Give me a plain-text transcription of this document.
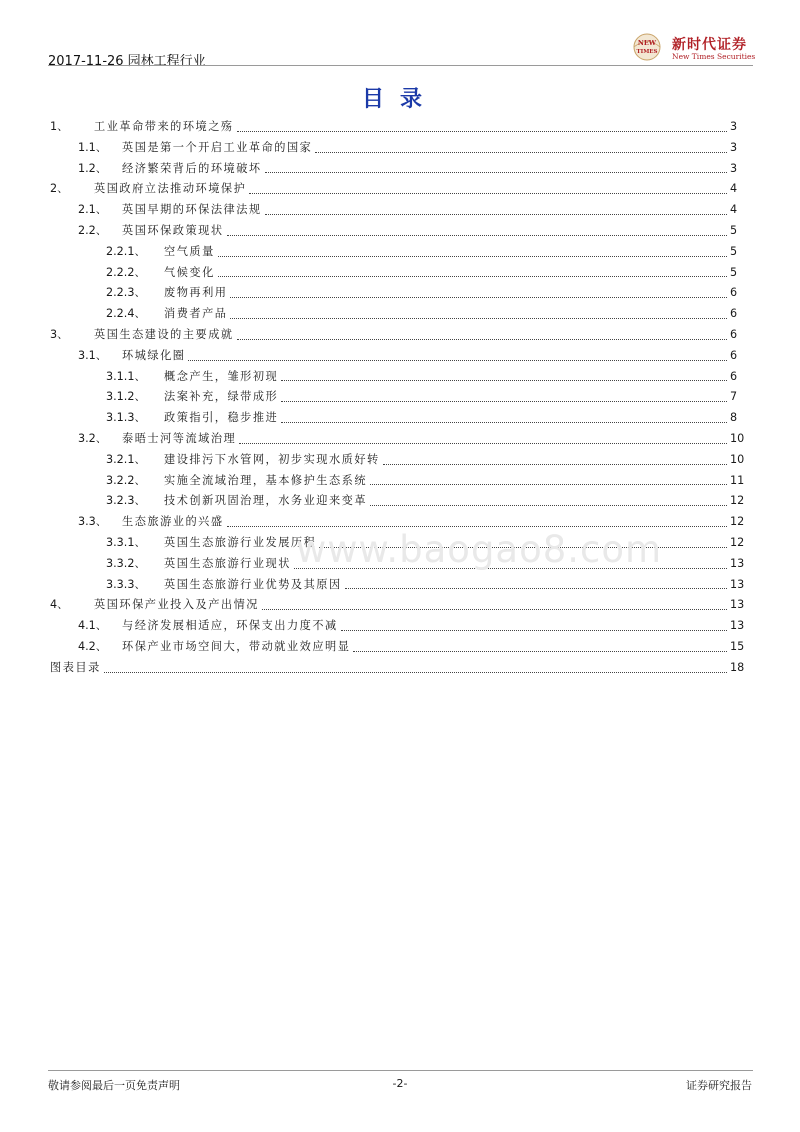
2017-11-26 园林工程行业
NEW
TIMES 新时代证券
New Times Securities
目录
1、	工业革命带来的环境之殇	3
1.1、	英国是第一个开启工业革命的国家	3
1.2、	经济繁荣背后的环境破坏	3
2、	英国政府立法推动环境保护	4
2.1、	英国早期的环保法律法规	4
2.2、	英国环保政策现状	5
2.2.1、	空气质量	5
2.2.2、	气候变化	5
2.2.3、	废物再利用	6
2.2.4、	消费者产品	6
3、	英国生态建设的主要成就	6
3.1、	环城绿化圈	6
3.1.1、	概念产生，雏形初现	6
3.1.2、	法案补充，绿带成形	7
3.1.3、	政策指引，稳步推进	8
3.2、	泰晤士河等流域治理	10
3.2.1、	建设排污下水管网，初步实现水质好转	10
3.2.2、	实施全流域治理，基本修护生态系统	11
3.2.3、	技术创新巩固治理，水务业迎来变革	12
3.3、	生态旅游业的兴盛	12
3.3.1、	英国生态旅游行业发展历程	12
3.3.2、	英国生态旅游行业现状	13
3.3.3、	英国生态旅游行业优势及其原因	13
4、	英国环保产业投入及产出情况	13
4.1、	与经济发展相适应，环保支出力度不减	13
4.2、	环保产业市场空间大，带动就业效应明显	15
图表目录	18
www.baogao8.com
敬请参阅最后一页免责声明	-2-	证券研究报告
